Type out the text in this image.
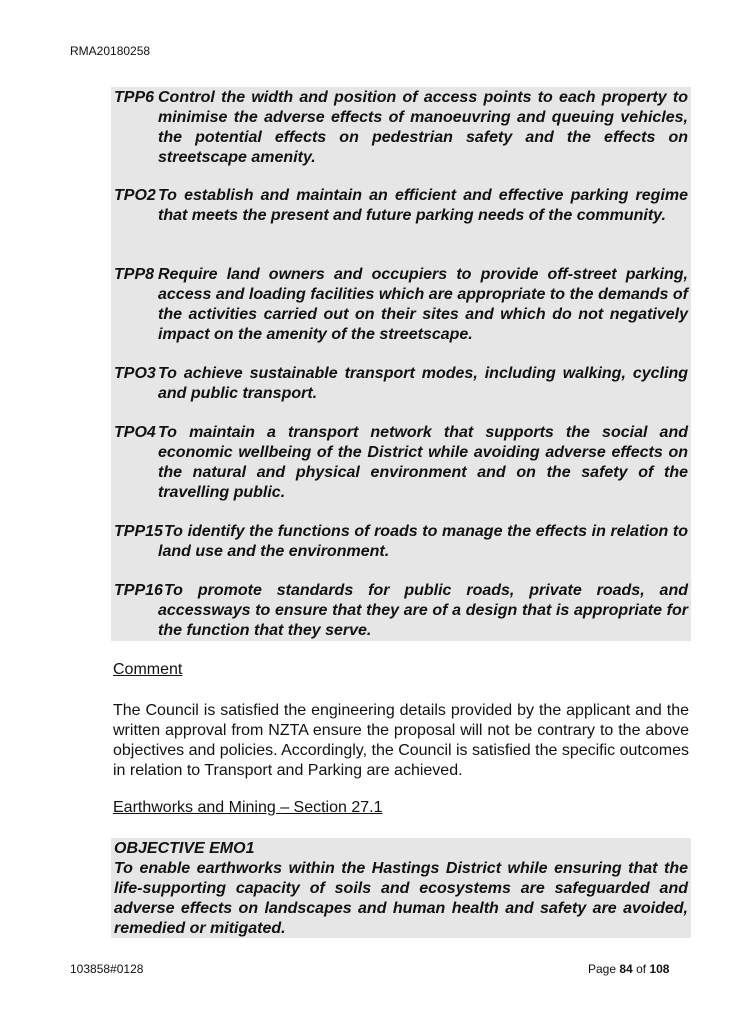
RMA20180258
TPP6 Control the width and position of access points to each property to minimise the adverse effects of manoeuvring and queuing vehicles, the potential effects on pedestrian safety and the effects on streetscape amenity.
TPO2 To establish and maintain an efficient and effective parking regime that meets the present and future parking needs of the community.
TPP8 Require land owners and occupiers to provide off-street parking, access and loading facilities which are appropriate to the demands of the activities carried out on their sites and which do not negatively impact on the amenity of the streetscape.
TPO3 To achieve sustainable transport modes, including walking, cycling and public transport.
TPO4 To maintain a transport network that supports the social and economic wellbeing of the District while avoiding adverse effects on the natural and physical environment and on the safety of the travelling public.
TPP15 To identify the functions of roads to manage the effects in relation to land use and the environment.
TPP16 To promote standards for public roads, private roads, and accessways to ensure that they are of a design that is appropriate for the function that they serve.
Comment
The Council is satisfied the engineering details provided by the applicant and the written approval from NZTA ensure the proposal will not be contrary to the above objectives and policies. Accordingly, the Council is satisfied the specific outcomes in relation to Transport and Parking are achieved.
Earthworks and Mining – Section 27.1
OBJECTIVE EMO1
To enable earthworks within the Hastings District while ensuring that the life-supporting capacity of soils and ecosystems are safeguarded and adverse effects on landscapes and human health and safety are avoided, remedied or mitigated.
103858#0128	Page 84 of 108
